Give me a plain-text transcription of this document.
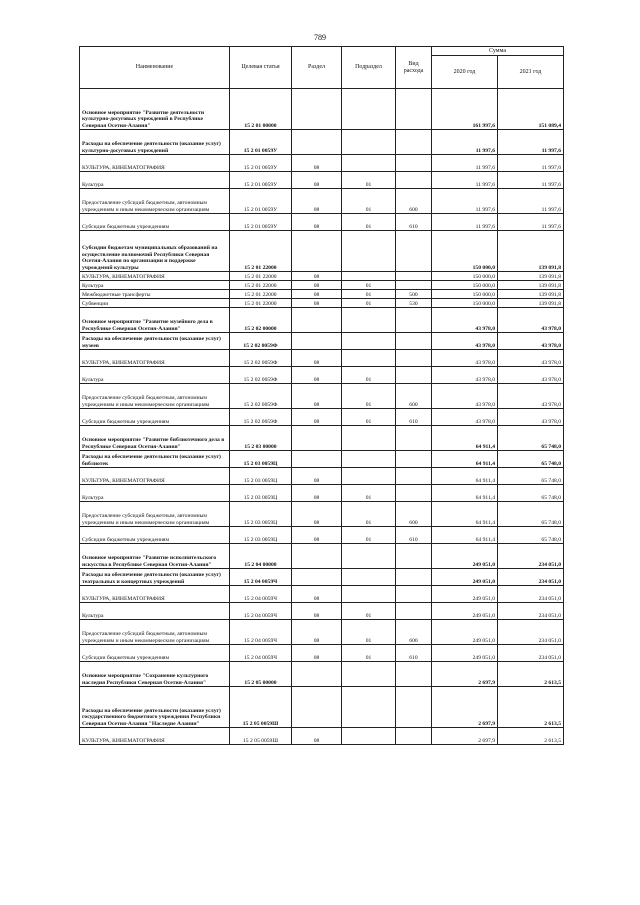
789
Наименование	Целевая статья	Раздел	Подраздел	Вид расхода	Сумма	
					2020 год	2021 год
Основное мероприятие "Развитие деятельности культурно-досуговых учреждений в Республике Северная Осетия-Алания"	15 2 01 00000				161 997,6	151 089,4
Расходы на обеспечение деятельности (оказание услуг) культурно-досуговых учреждений	15 2 01 0059У				11 997,6	11 997,6
КУЛЬТУРА, КИНЕМАТОГРАФИЯ	15 2 01 0059У	08			11 997,6	11 997,6
Культура	15 2 01 0059У	08	01		11 997,6	11 997,6
Предоставление субсидий бюджетным, автономным учреждениям и иным некоммерческим организациям	15 2 01 0059У	08	01	600	11 997,6	11 997,6
Субсидии бюджетным учреждениям	15 2 01 0059У	08	01	610	11 997,6	11 997,6
Субсидии бюджетам муниципальных образований на осуществление полномочий Республики Северная Осетия-Алания по организации и поддержке учреждений культуры	15 2 01 22000				150 000,0	139 091,8
КУЛЬТУРА, КИНЕМАТОГРАФИЯ	15 2 01 22000	08			150 000,0	139 091,8
Культура	15 2 01 22000	08	01		150 000,0	139 091,8
Межбюджетные трансферты	15 2 01 22000	08	01	500	150 000,0	139 091,8
Субвенции	15 2 01 22000	08	01	530	150 000,0	139 091,8
Основное мероприятие "Развитие музейного дела в Республике Северная Осетия-Алания"	15 2 02 00000				43 978,0	43 978,0
Расходы на обеспечение деятельности (оказание услуг) музеев	15 2 02 0059Ф				43 978,0	43 978,0
КУЛЬТУРА, КИНЕМАТОГРАФИЯ	15 2 02 0059Ф	08			43 978,0	43 978,0
Культура	15 2 02 0059Ф	08	01		43 978,0	43 978,0
Предоставление субсидий бюджетным, автономным учреждениям и иным некоммерческим организациям	15 2 02 0059Ф	08	01	600	43 978,0	43 978,0
Субсидии бюджетным учреждениям	15 2 02 0059Ф	08	01	610	43 978,0	43 978,0
Основное мероприятие "Развитие библиотечного дела в Республике Северная Осетия-Алания"	15 2 03 00000				64 911,4	65 748,0
Расходы на обеспечение деятельности (оказание услуг) библиотек	15 2 03 0059Ц				64 911,4	65 748,0
КУЛЬТУРА, КИНЕМАТОГРАФИЯ	15 2 03 0059Ц	08			64 911,4	65 748,0
Культура	15 2 03 0059Ц	08	01		64 911,4	65 748,0
Предоставление субсидий бюджетным, автономным учреждениям и иным некоммерческим организациям	15 2 03 0059Ц	08	01	600	64 911,4	65 748,0
Субсидии бюджетным учреждениям	15 2 03 0059Ц	08	01	610	64 911,4	65 748,0
Основное мероприятие "Развитие исполнительского искусства в Республике Северная Осетия-Алания"	15 2 04 00000				249 051,0	234 051,0
Расходы на обеспечение деятельности (оказание услуг) театральных и концертных учреждений	15 2 04 0059Ч				249 051,0	234 051,0
КУЛЬТУРА, КИНЕМАТОГРАФИЯ	15 2 04 0059Ч	08			249 051,0	234 051,0
Культура	15 2 04 0059Ч	08	01		249 051,0	234 051,0
Предоставление субсидий бюджетным, автономным учреждениям и иным некоммерческим организациям	15 2 04 0059Ч	08	01	600	249 051,0	234 051,0
Субсидии бюджетным учреждениям	15 2 04 0059Ч	08	01	610	249 051,0	234 051,0
Основное мероприятие "Сохранение культурного наследия Республики Северная Осетия-Алания"	15 2 05 00000				2 697,9	2 613,5
Расходы на обеспечение деятельности (оказание услуг) государственного бюджетного учреждения Республики Северная Осетия-Алания "Наследие Алании"	15 2 05 0059Ш				2 697,9	2 613,5
КУЛЬТУРА, КИНЕМАТОГРАФИЯ	15 2 05 0059Ш	08			2 697,9	2 613,5
